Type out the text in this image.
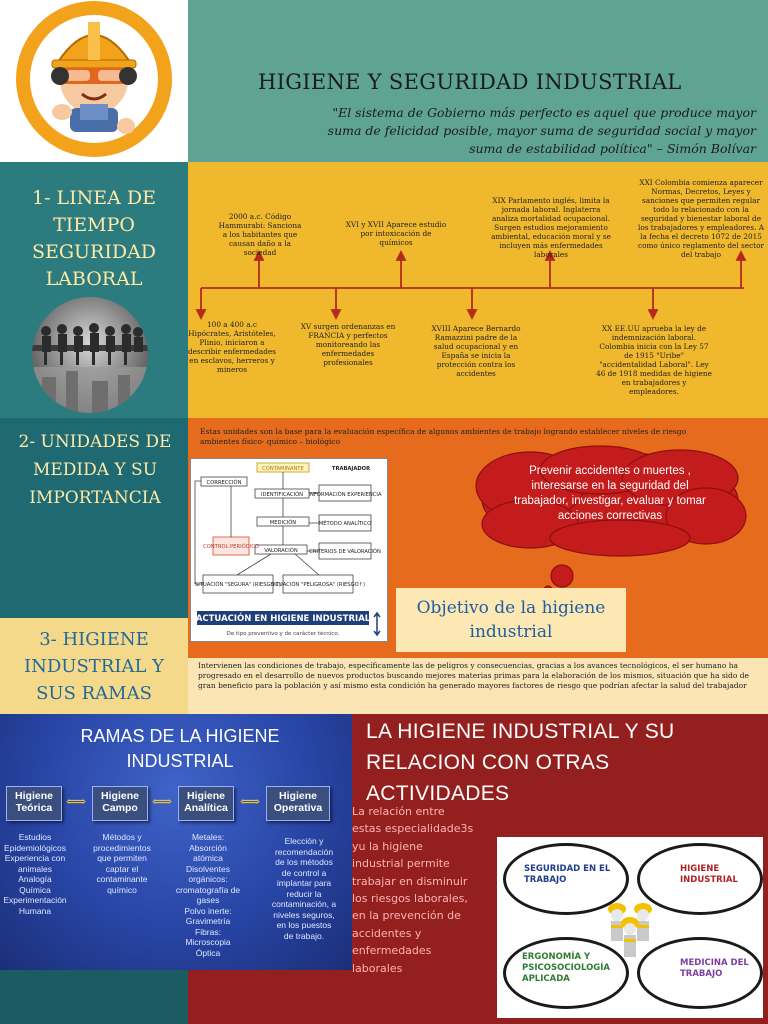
HIGIENE Y SEGURIDAD INDUSTRIAL
"El sistema de Gobierno más perfecto es aquel que produce mayor suma de felicidad posible, mayor suma de seguridad social y mayor suma de estabilidad política" – Simón Bolívar
1- LINEA DE
TIEMPO
SEGURIDAD
LABORAL
2000 a.c. Código Hammurabi: Sanciona a los habitantes que causan daño a la sociedad
XVI y XVII Aparece estudio por intoxicación de químicos
XIX Parlamento inglés, limita la jornada laboral. Inglaterra analiza mortalidad ocupacional. Surgen estudios mejoramiento ambiental, educación moral y se incluyen más enfermedades laborales
XXI Colombia comienza aparecer Normas, Decretos, Leyes y sanciones que permiten regular todo lo relacionado con la seguridad y bienestar laboral de los trabajadores y empleadores. A la fecha el decreto 1072 de 2015 como único reglamento del sector del trabajo
100 a 400 a.c Hipócrates, Aristóteles, Plinio, iniciaron a describir enfermedades en esclavos, herreros y mineros
XV surgen ordenanzas en FRANCIA y perfectos monitoreando las enfermedades profesionales
XVIII Aparece Bernardo Ramazzini padre de la salud ocupacional y en España se inicia la protección contra los accidentes
XX EE.UU aprueba la ley de indemnización laboral. Colombia inicia con la Ley 57 de 1915 "Uribe" "accidentalidad Laboral". Ley 46 de 1918 medidas de higiene en trabajadores y empleadores.
2- UNIDADES DE
MEDIDA Y SU
IMPORTANCIA
Estas unidades son la base para la evaluación específica de algunos ambientes de trabajo logrando establecer niveles de riesgo ambientes físico- químico – biológico
CONTAMINANTE	TRABAJADOR
CORRECCIÓN
IDENTIFICACIÓN INFORMACIÓN EXPERIENCIA
MEDICIÓN	MÉTODO ANALÍTICO
CONTROL PERIÓDICO
VALORACIÓN CRITERIOS DE VALORACIÓN
SITUACIÓN "SEGURA" (RIESGO↓)
SITUACIÓN "PELIGROSA" (RIESGO↑)
ACTUACIÓN EN HIGIENE INDUSTRIAL
De tipo preventivo y de carácter técnico.
Prevenir accidentes o muertes , interesarse en la seguridad del trabajador, investigar, evaluar y tomar acciones correctivas
Objetivo de la higiene industrial
3- HIGIENE
INDUSTRIAL Y
SUS RAMAS
Intervienen las condiciones de trabajo, específicamente las de peligros y consecuencias, gracias a los avances tecnológicos, el ser humano ha progresado en el desarrollo de nuevos productos buscando mejores materias primas para la elaboración de los mismos, situación que ha sido de gran beneficio para la población y así mismo esta condición ha generado mayores factores de riesgo que podrían afectar la salud del trabajador
RAMAS DE LA HIGIENE
INDUSTRIAL
Higiene
Teórica ⟺	Higiene
Campo	⟺	Higiene
Analítica ⟺	Higiene
Operativa
Estudios
Epidemiológicos
Experiencia con
animales
Analogía
Química
Experimentación
Humana
Métodos y
procedimientos
que permiten
captar el
contaminante
químico
Metales:
Absorción
atómica
Disolventes
orgánicos:
cromatografía de
gases
Polvo inerte:
Gravimetría
Fibras:
Microscopia
Óptica
Elección y
recomendación
de los métodos
de control a
implantar para
reducir la
contaminación, a
niveles seguros,
en los puestos
de trabajo.
LA HIGIENE INDUSTRIAL Y SU
RELACION CON OTRAS
ACTIVIDADES
La relación entre
estas especialidade3s
yu la higiene
industrial permite
trabajar en disminuir
los riesgos laborales,
en la prevención de
accidentes y
enfermedades
laborales
SEGURIDAD EN EL
TRABAJO
HIGIENE
INDUSTRIAL
ERGONOMÍA Y
PSICOSOCIOLOGÍA
APLICADA
MEDICINA DEL
TRABAJO
